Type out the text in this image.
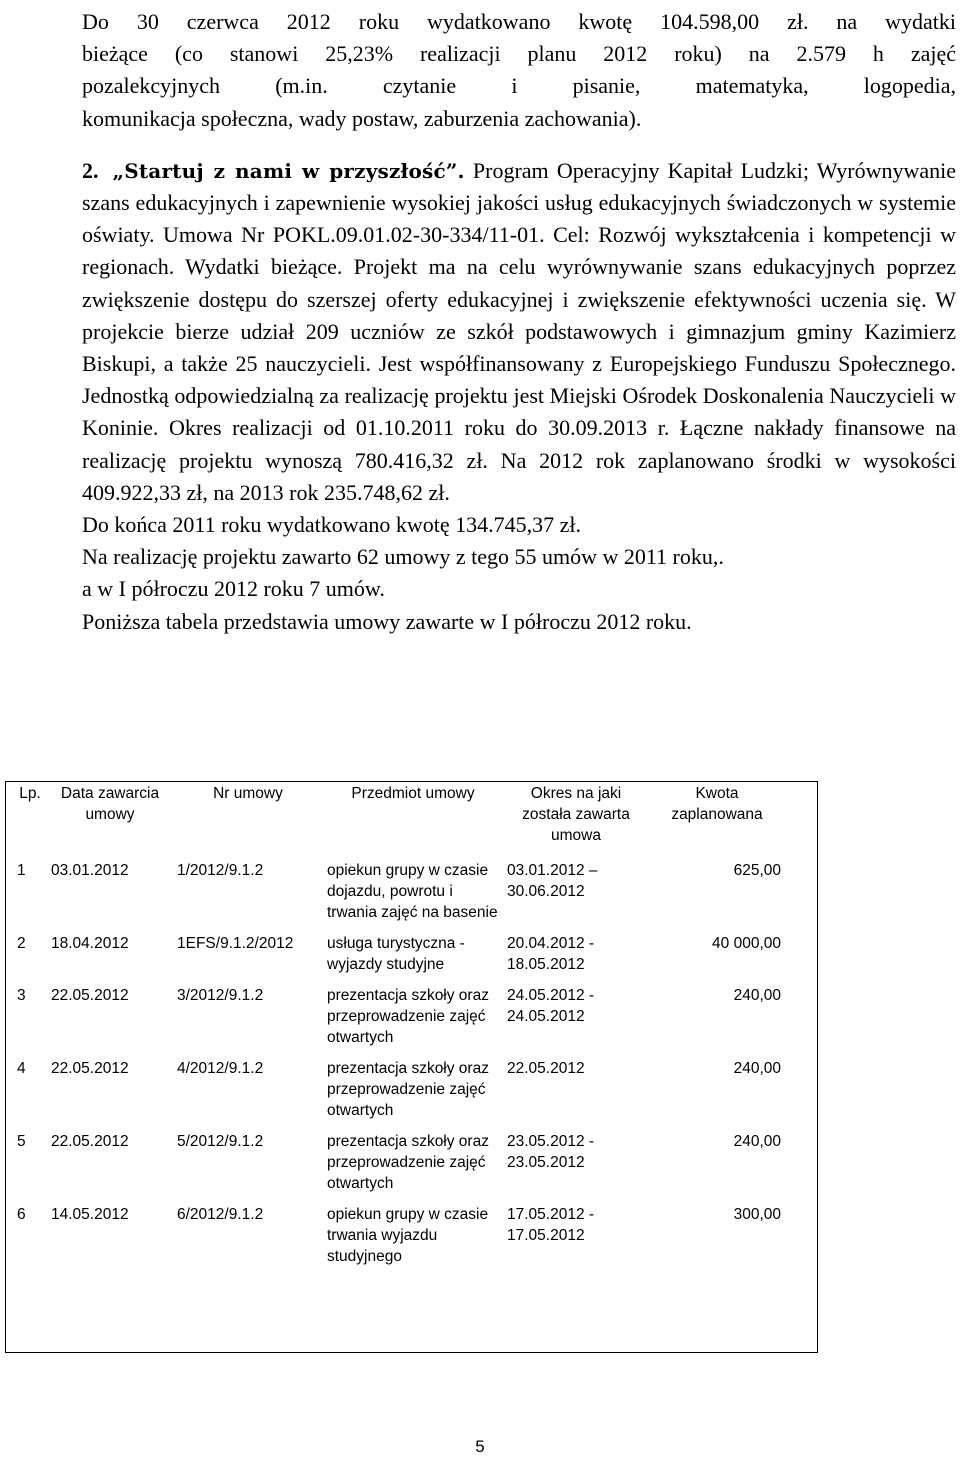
Do 30 czerwca 2012 roku wydatkowano kwotę 104.598,00 zł. na wydatki
bieżące (co stanowi 25,23% realizacji planu 2012 roku) na 2.579 h zajęć
pozalekcyjnych (m.in. czytanie i pisanie, matematyka, logopedia,
komunikacja społeczna, wady postaw, zaburzenia zachowania).
2. „Startuj z nami w przyszłość”. Program Operacyjny Kapitał Ludzki; Wyrównywanie szans edukacyjnych i zapewnienie wysokiej jakości usług edukacyjnych świadczonych w systemie oświaty. Umowa Nr POKL.09.01.02-30-334/11-01. Cel: Rozwój wykształcenia i kompetencji w regionach. Wydatki bieżące. Projekt ma na celu wyrównywanie szans edukacyjnych poprzez zwiększenie dostępu do szerszej oferty edukacyjnej i zwiększenie efektywności uczenia się. W projekcie bierze udział 209 uczniów ze szkół podstawowych i gimnazjum gminy Kazimierz Biskupi, a także 25 nauczycieli. Jest współfinansowany z Europejskiego Funduszu Społecznego. Jednostką odpowiedzialną za realizację projektu jest Miejski Ośrodek Doskonalenia Nauczycieli w Koninie. Okres realizacji od 01.10.2011 roku do 30.09.2013 r. Łączne nakłady finansowe na realizację projektu wynoszą 780.416,32 zł. Na 2012 rok zaplanowano środki w wysokości 409.922,33 zł, na 2013 rok 235.748,62 zł.
Do końca 2011 roku wydatkowano kwotę 134.745,37 zł.
Na realizację projektu zawarto 62 umowy z tego 55 umów w 2011 roku,.
a w I półroczu 2012 roku 7 umów.
Poniższa tabela przedstawia umowy zawarte w I półroczu 2012 roku.
Lp.	Data zawarcia umowy	Nr umowy	Przedmiot umowy	Okres na jaki została zawarta umowa	Kwota zaplanowana
1	03.01.2012	1/2012/9.1.2	opiekun grupy w czasie dojazdu, powrotu i trwania zajęć na basenie	03.01.2012 – 30.06.2012	625,00
2	18.04.2012	1EFS/9.1.2/2012	usługa turystyczna - wyjazdy studyjne	20.04.2012 - 18.05.2012	40 000,00
3	22.05.2012	3/2012/9.1.2	prezentacja szkoły oraz przeprowadzenie zajęć otwartych	24.05.2012 - 24.05.2012	240,00
4	22.05.2012	4/2012/9.1.2	prezentacja szkoły oraz przeprowadzenie zajęć otwartych	22.05.2012	240,00
5	22.05.2012	5/2012/9.1.2	prezentacja szkoły oraz przeprowadzenie zajęć otwartych	23.05.2012 - 23.05.2012	240,00
6	14.05.2012	6/2012/9.1.2	opiekun grupy w czasie trwania wyjazdu studyjnego	17.05.2012 - 17.05.2012	300,00
5
